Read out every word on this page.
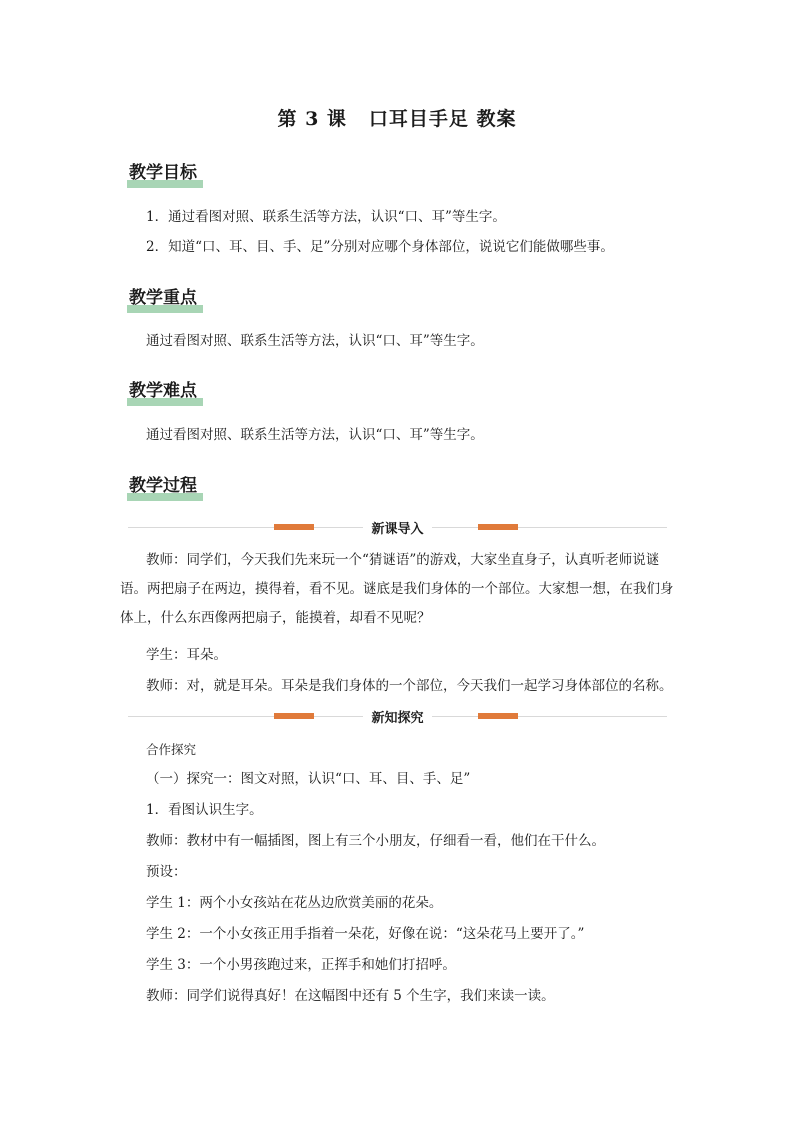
第 3 课 口耳目手足 教案
教学目标
1．通过看图对照、联系生活等方法，认识“口、耳”等生字。
2．知道“口、耳、目、手、足”分别对应哪个身体部位，说说它们能做哪些事。
教学重点
通过看图对照、联系生活等方法，认识“口、耳”等生字。
教学难点
通过看图对照、联系生活等方法，认识“口、耳”等生字。
教学过程
新课导入
教师：同学们，今天我们先来玩一个“猜谜语”的游戏，大家坐直身子，认真听老师说谜语。两把扇子在两边，摸得着，看不见。谜底是我们身体的一个部位。大家想一想，在我们身体上，什么东西像两把扇子，能摸着，却看不见呢？
学生：耳朵。
教师：对，就是耳朵。耳朵是我们身体的一个部位，今天我们一起学习身体部位的名称。
新知探究
合作探究
（一）探究一：图文对照，认识“口、耳、目、手、足”
1．看图认识生字。
教师：教材中有一幅插图，图上有三个小朋友，仔细看一看，他们在干什么。
预设：
学生 1：两个小女孩站在花丛边欣赏美丽的花朵。
学生 2：一个小女孩正用手指着一朵花，好像在说：“这朵花马上要开了。”
学生 3：一个小男孩跑过来，正挥手和她们打招呼。
教师：同学们说得真好！在这幅图中还有 5 个生字，我们来读一读。
